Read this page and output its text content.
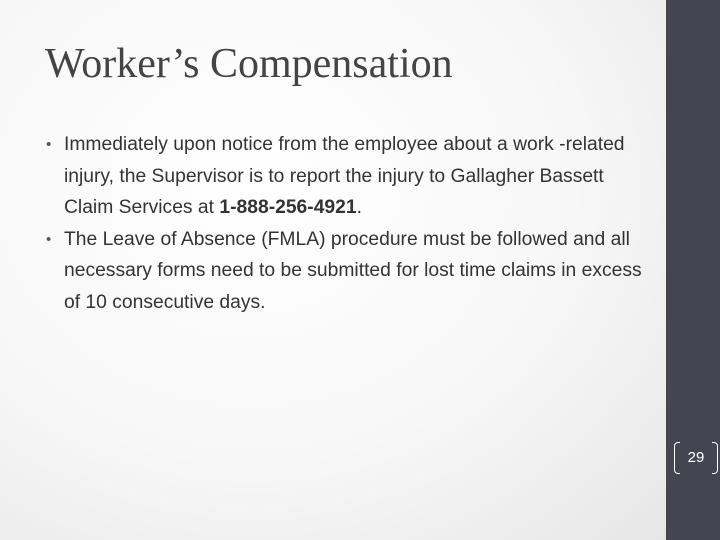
Worker’s Compensation
• Immediately upon notice from the employee about a work -related injury, the Supervisor is to report the injury to Gallagher Bassett Claim Services at 1-888-256-4921.
• The Leave of Absence (FMLA) procedure must be followed and all necessary forms need to be submitted for lost time claims in excess of 10 consecutive days.
29
